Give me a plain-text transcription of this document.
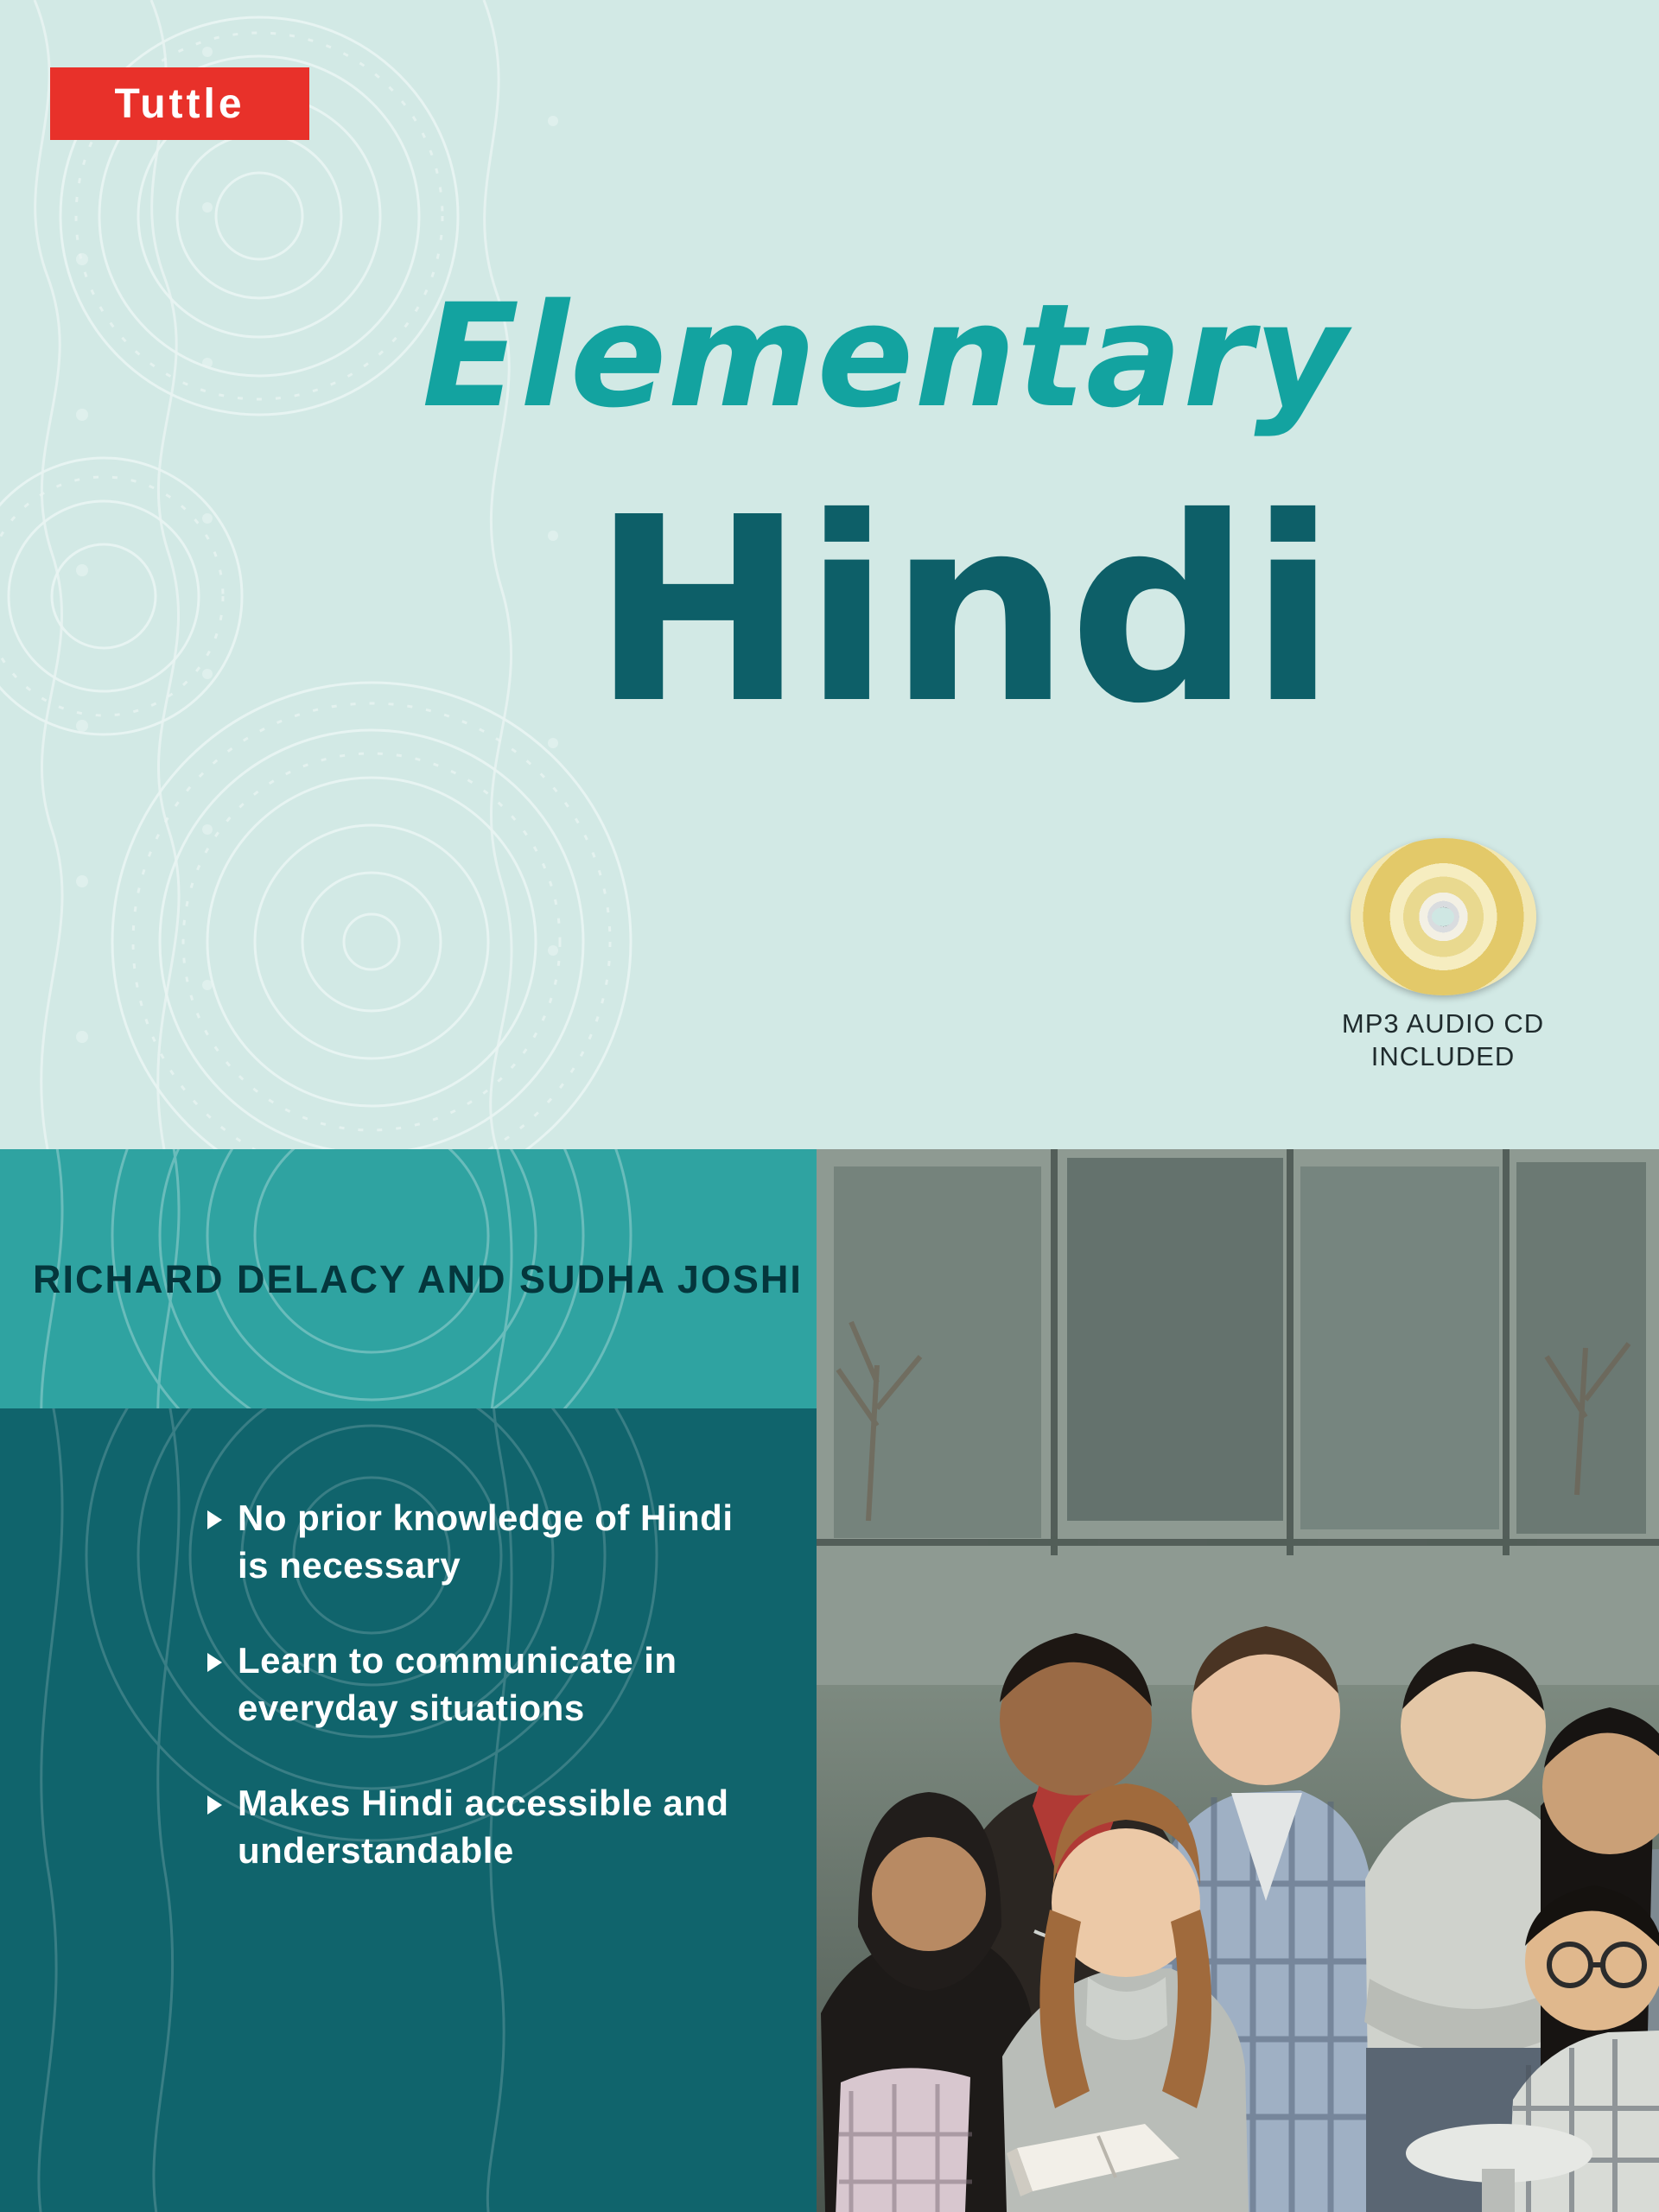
Tuttle
Elementary
Hindi
MP3 AUDIO CD
INCLUDED
RICHARD DELACY AND SUDHA JOSHI
No prior knowledge of Hindi is necessary
Learn to communicate in everyday situations
Makes Hindi accessible and understandable
